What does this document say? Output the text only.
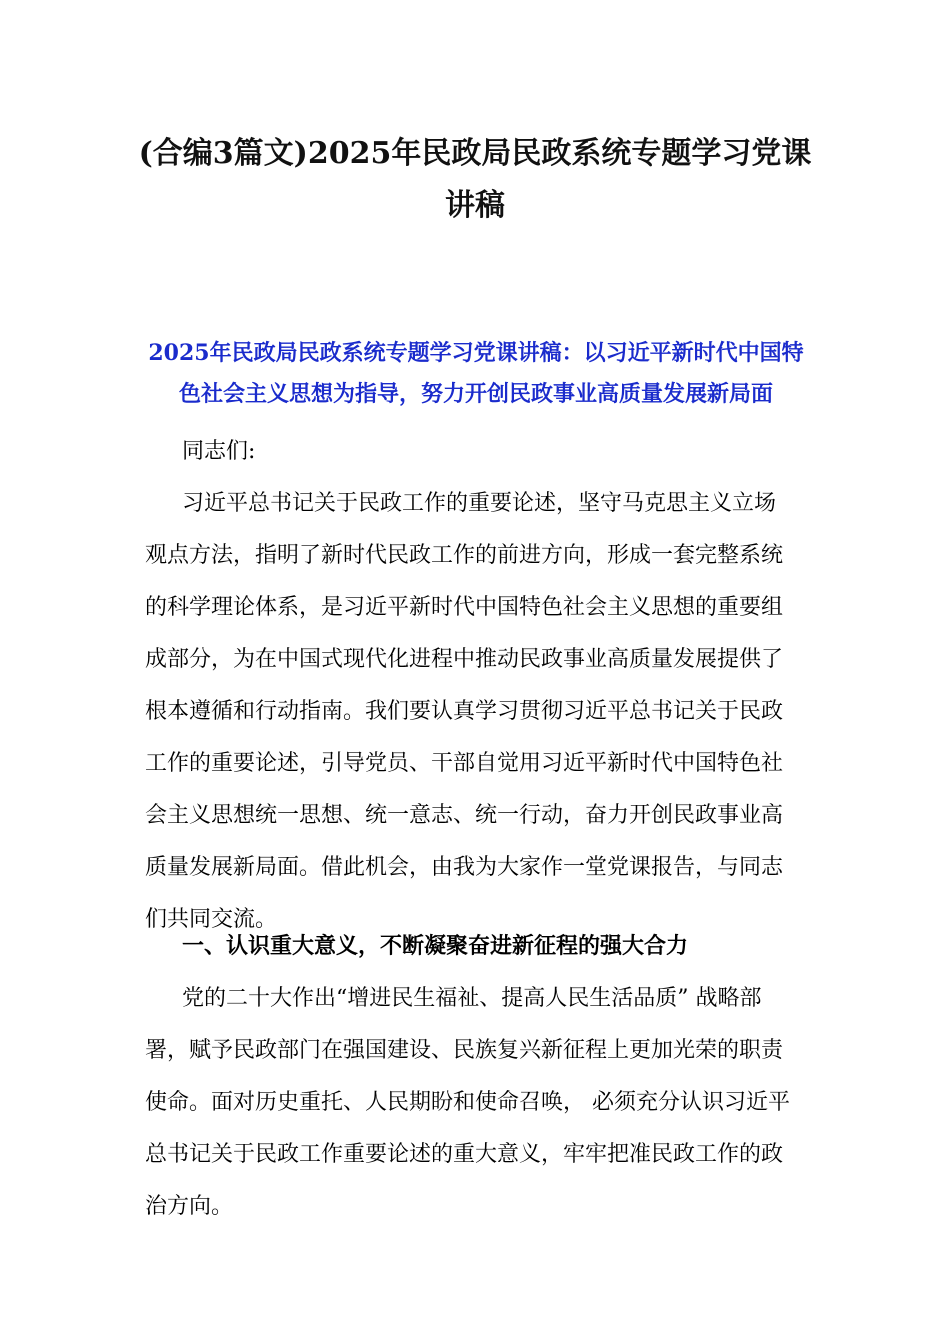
(合编3篇文)2025年民政局民政系统专题学习党课
讲稿
2025年民政局民政系统专题学习党课讲稿：以习近平新时代中国特
色社会主义思想为指导，努力开创民政事业高质量发展新局面
同志们:
习近平总书记关于民政工作的重要论述，坚守马克思主义立场
观点方法，指明了新时代民政工作的前进方向，形成一套完整系统
的科学理论体系，是习近平新时代中国特色社会主义思想的重要组
成部分，为在中国式现代化进程中推动民政事业高质量发展提供了
根本遵循和行动指南。我们要认真学习贯彻习近平总书记关于民政
工作的重要论述，引导党员、干部自觉用习近平新时代中国特色社
会主义思想统一思想、统一意志、统一行动，奋力开创民政事业高
质量发展新局面。借此机会，由我为大家作一堂党课报告，与同志
们共同交流。
一、认识重大意义，不断凝聚奋进新征程的强大合力
党的二十大作出“增进民生福祉、提高人民生活品质” 战略部
署，赋予民政部门在强国建设、民族复兴新征程上更加光荣的职责
使命。面对历史重托、人民期盼和使命召唤， 必须充分认识习近平
总书记关于民政工作重要论述的重大意义，牢牢把准民政工作的政
治方向。
